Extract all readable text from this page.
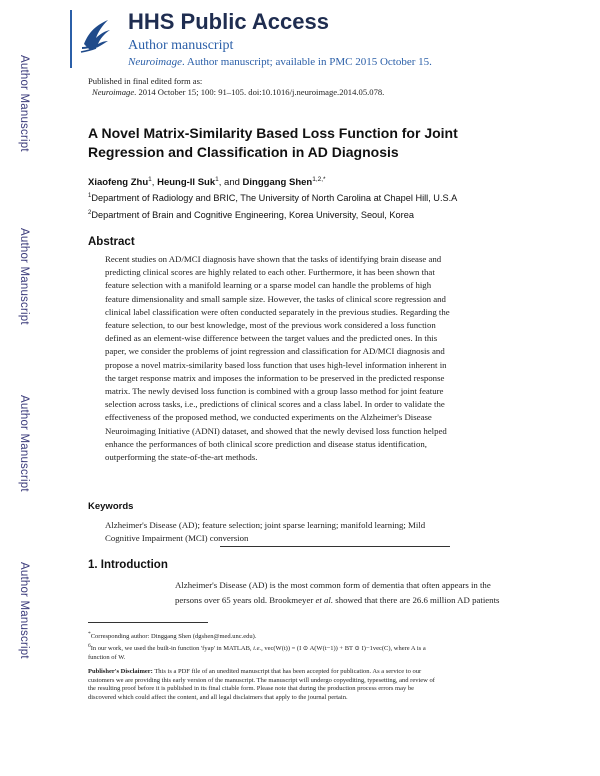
Author Manuscript
Author Manuscript
Author Manuscript
Author Manuscript
HHS Public Access
Author manuscript
Neuroimage. Author manuscript; available in PMC 2015 October 15.
Published in final edited form as:
Neuroimage. 2014 October 15; 100: 91–105. doi:10.1016/j.neuroimage.2014.05.078.
A Novel Matrix-Similarity Based Loss Function for Joint
Regression and Classification in AD Diagnosis
Xiaofeng Zhu$^1$, Heung-Il Suk$^1$, and Dinggang Shen$^{1,2,*}$
$^1$Department of Radiology and BRIC, The University of North Carolina at Chapel Hill, U.S.A
$^2$Department of Brain and Cognitive Engineering, Korea University, Seoul, Korea
Abstract
Recent studies on AD/MCI diagnosis have shown that the tasks of identifying brain disease and
predicting clinical scores are highly related to each other. Furthermore, it has been shown that
feature selection with a manifold learning or a sparse model can handle the problems of high
feature dimensionality and small sample size. However, the tasks of clinical score regression and
clinical label classification were often conducted separately in the previous studies. Regarding the
feature selection, to our best knowledge, most of the previous work considered a loss function
defined as an element-wise difference between the target values and the predicted ones. In this
paper, we consider the problems of joint regression and classification for AD/MCI diagnosis and
propose a novel matrix-similarity based loss function that uses high-level information inherent in
the target response matrix and imposes the information to be preserved in the predicted response
matrix. The newly devised loss function is combined with a group lasso method for joint feature
selection across tasks, i.e., predictions of clinical scores and a class label. In order to validate the
effectiveness of the proposed method, we conducted experiments on the Alzheimer's Disease
Neuroimaging Initiative (ADNI) dataset, and showed that the newly devised loss function helped
enhance the performances of both clinical score prediction and disease status identification,
outperforming the state-of-the-art methods.
Keywords
Alzheimer's Disease (AD); feature selection; joint sparse learning; manifold learning; Mild
Cognitive Impairment (MCI) conversion
1. Introduction
Alzheimer's Disease (AD) is the most common form of dementia that often appears in the
persons over 65 years old. Brookmeyer et al. showed that there are 26.6 million AD patients
*Corresponding author: Dinggang Shen (dgshen@med.unc.edu).
$^6$In our work, we used the built-in function 'fyap' in MATLAB, i.e., vec(W(t)) = (I ⊙ A(W(t−1)) + BT ⊙ I)−1vec(C), where A is a
function of W.
Publisher's Disclaimer: This is a PDF file of an unedited manuscript that has been accepted for publication. As a service to our
customers we are providing this early version of the manuscript. The manuscript will undergo copyediting, typesetting, and review of
the resulting proof before it is published in its final citable form. Please note that during the production process errors may be
discovered which could affect the content, and all legal disclaimers that apply to the journal pertain.
